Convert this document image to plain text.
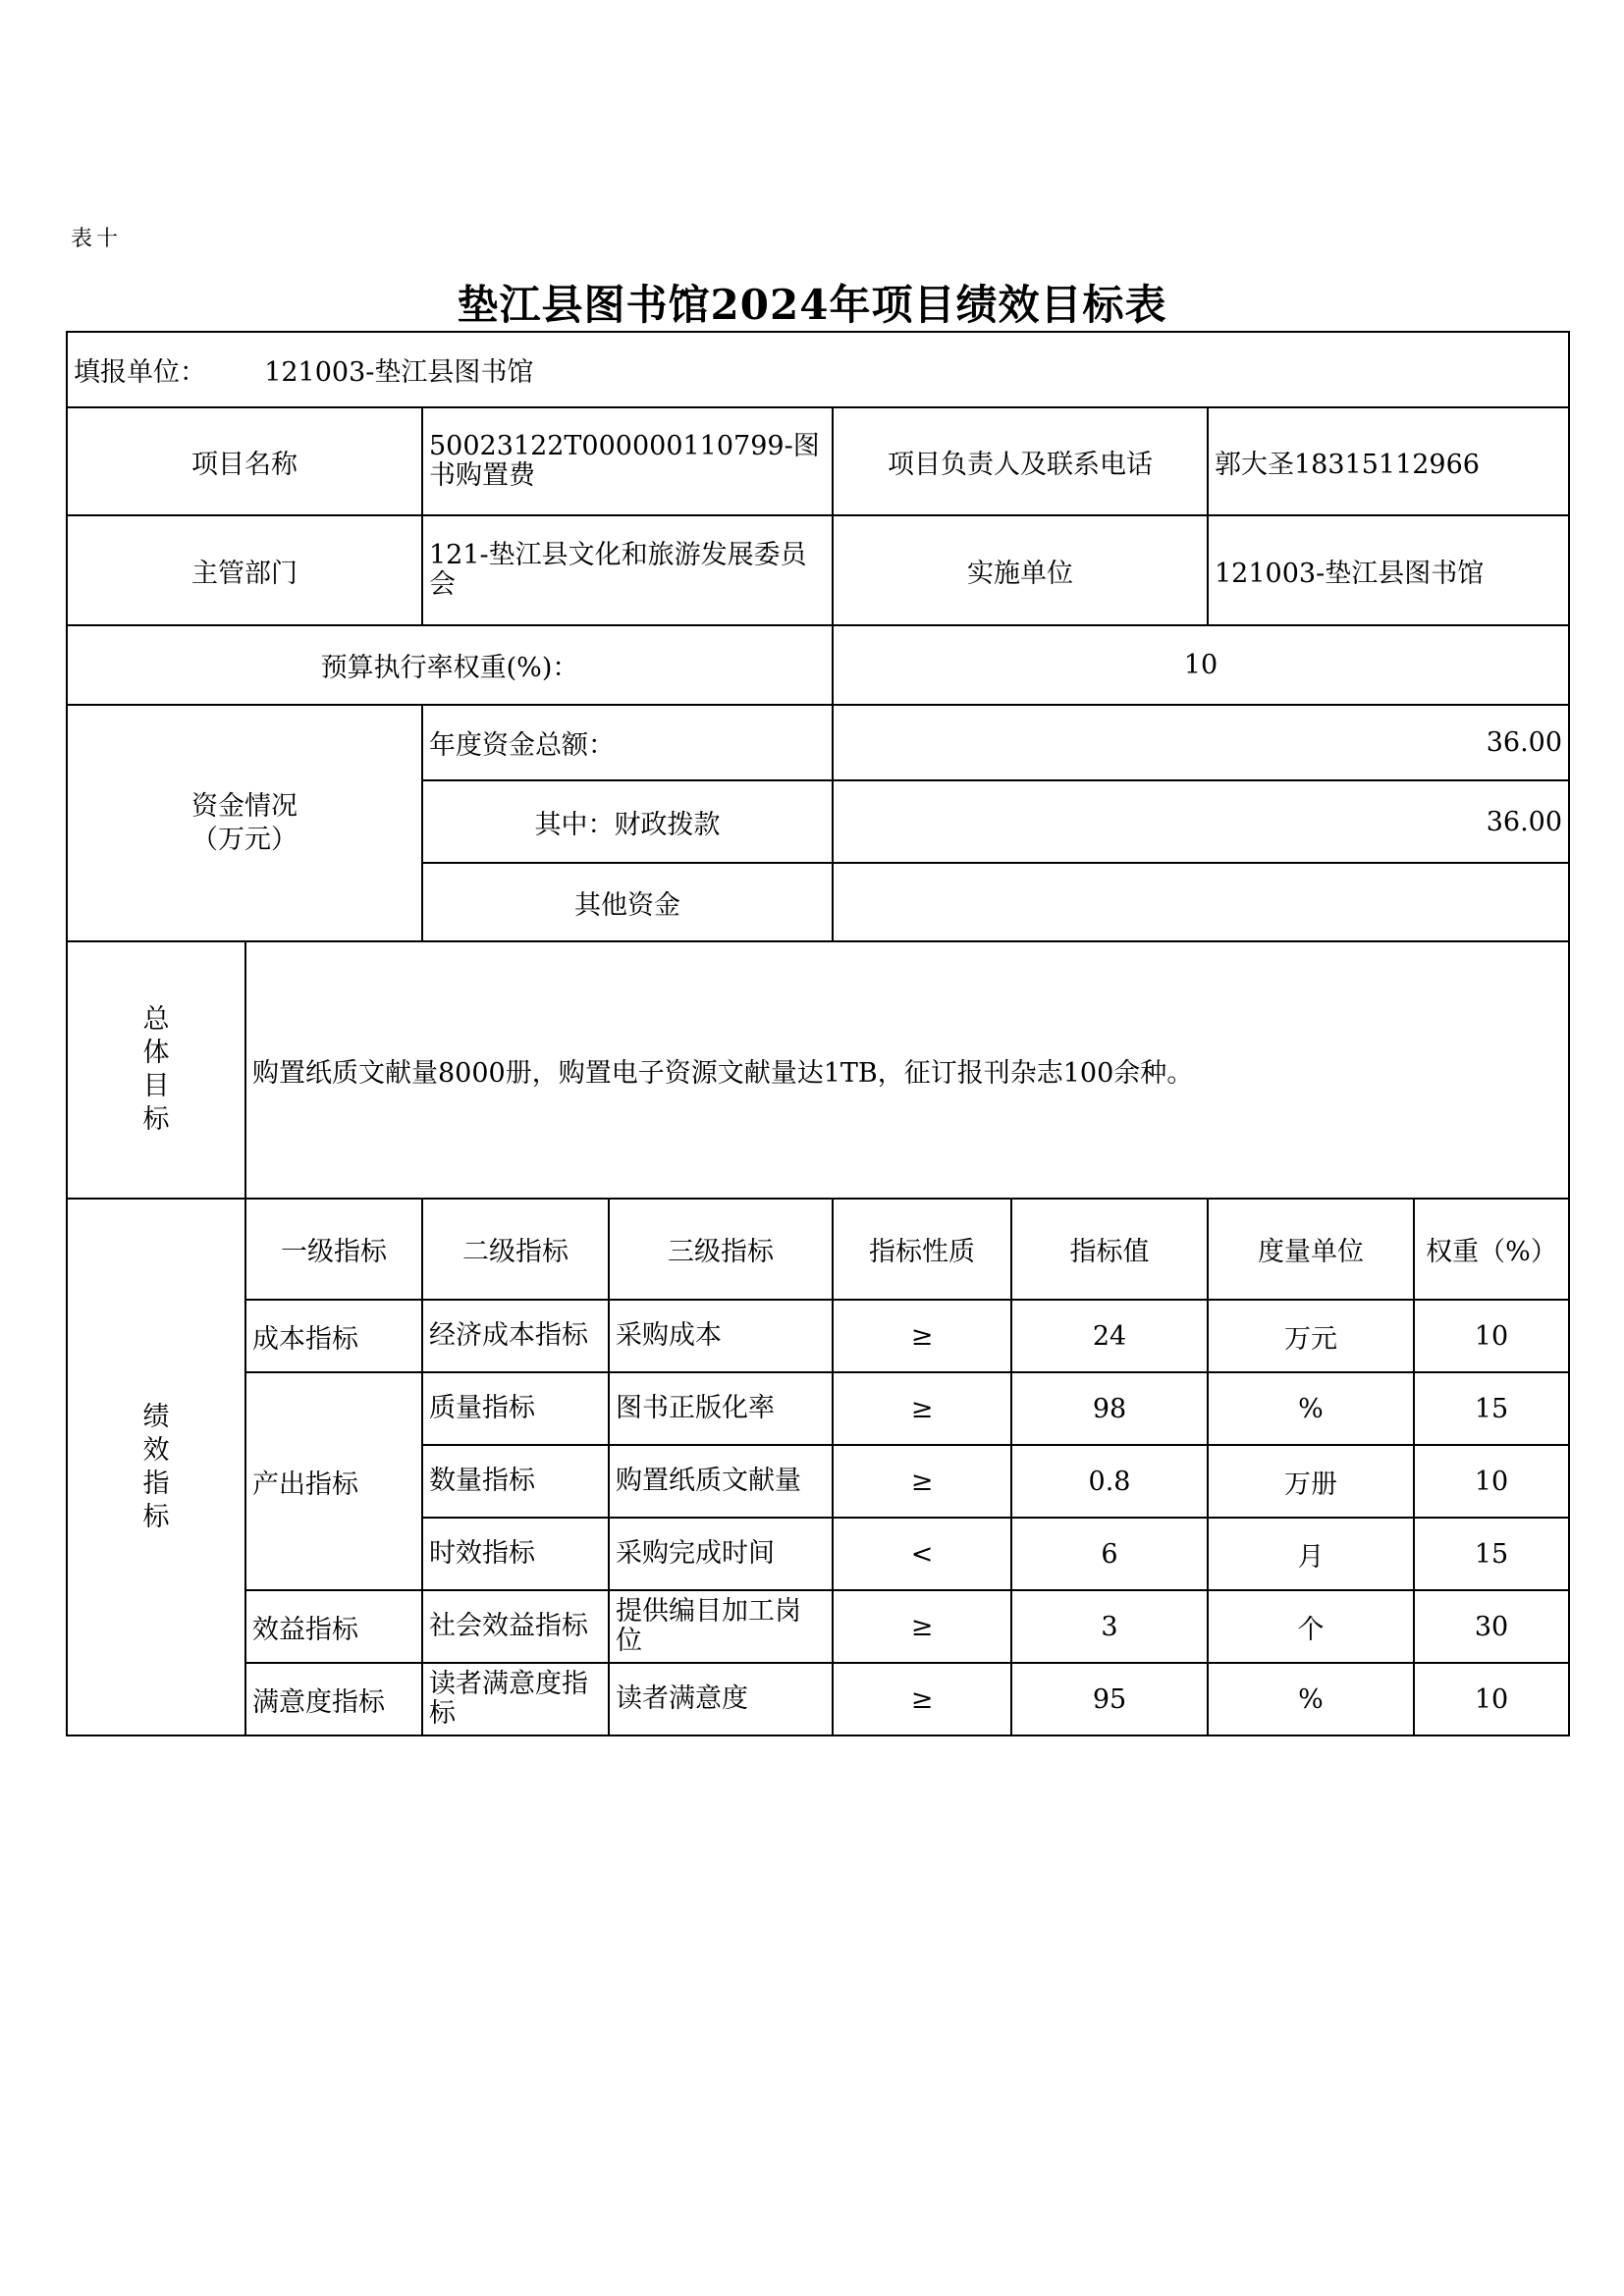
表十
垫江县图书馆2024年项目绩效目标表
填报单位： 121003-垫江县图书馆							
项目名称		50023122T000000110799-图书购置费		项目负责人及联系电话		郭大圣18315112966	
主管部门		121-垫江县文化和旅游发展委员会		实施单位		121003-垫江县图书馆	
预算执行率权重(%)：				10			

资金情况
（万元）		年度资金总额：		36.00			
		其中：财政拨款		36.00			
		其他资金					

总
体
目
标	购置纸质文献量8000册，购置电子资源文献量达1TB，征订报刊杂志100余种。						

绩
效
指
标	一级指标	二级指标	三级指标	指标性质	指标值	度量单位	权重（%）
	成本指标	经济成本指标	采购成本	≥	24	万元	10
	产出指标	质量指标	图书正版化率	≥	98	%	15
		数量指标	购置纸质文献量	≥	0.8	万册	10
		时效指标	采购完成时间	<	6	月	15
	效益指标	社会效益指标	提供编目加工岗位	≥	3	个	30
	满意度指标	读者满意度指标	读者满意度	≥	95	%	10
